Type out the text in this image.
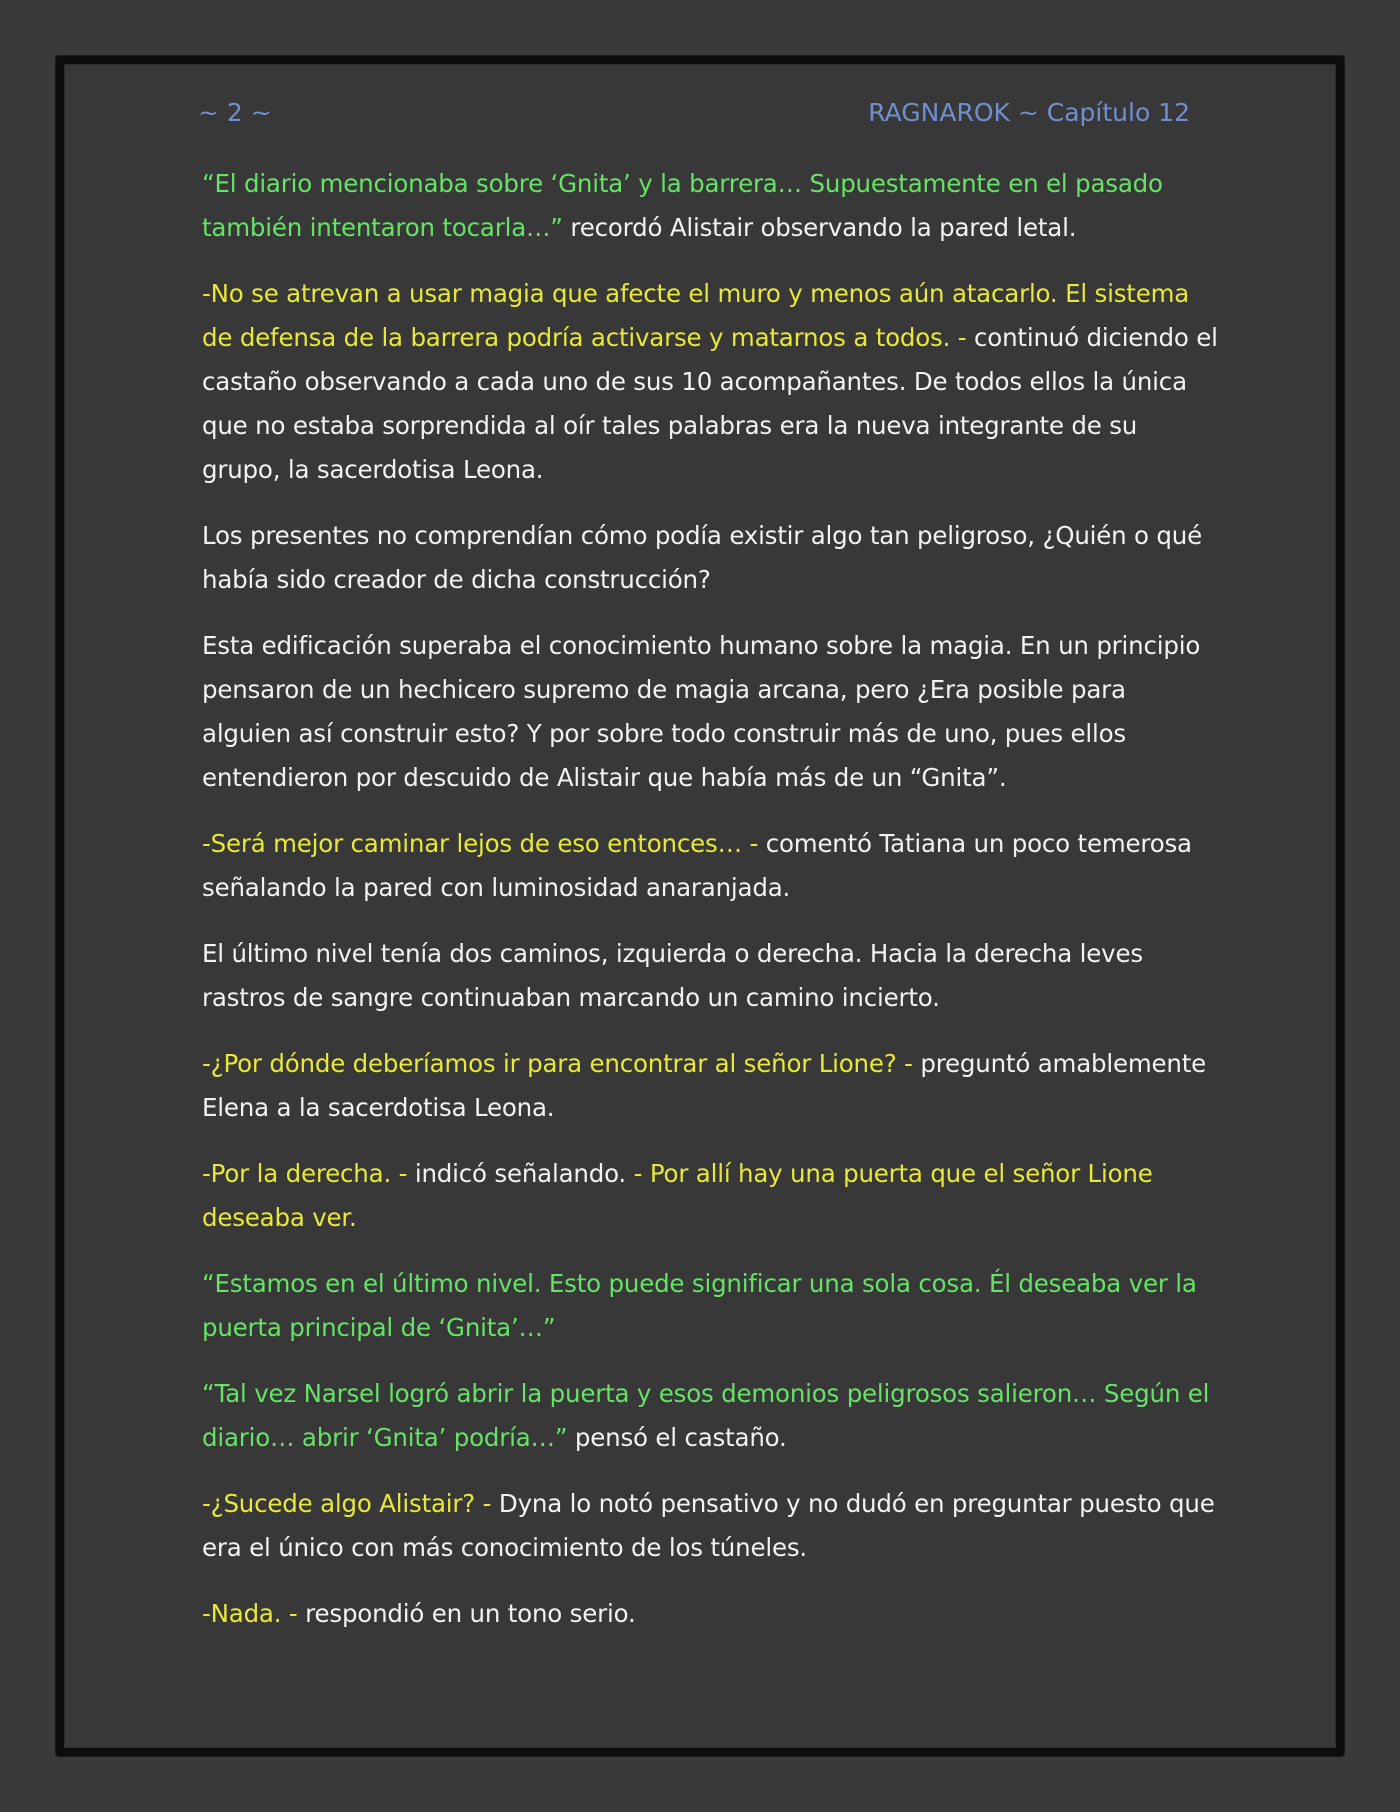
~ 2 ~	RAGNAROK ~ Capítulo 12

“El diario mencionaba sobre ‘Gnita’ y la barrera… Supuestamente en el pasado también intentaron tocarla…” recordó Alistair observando la pared letal.

-No se atrevan a usar magia que afecte el muro y menos aún atacarlo. El sistema de defensa de la barrera podría activarse y matarnos a todos. - continuó diciendo el castaño observando a cada uno de sus 10 acompañantes. De todos ellos la única que no estaba sorprendida al oír tales palabras era la nueva integrante de su grupo, la sacerdotisa Leona.

Los presentes no comprendían cómo podía existir algo tan peligroso, ¿Quién o qué había sido creador de dicha construcción?

Esta edificación superaba el conocimiento humano sobre la magia. En un principio pensaron de un hechicero supremo de magia arcana, pero ¿Era posible para alguien así construir esto? Y por sobre todo construir más de uno, pues ellos entendieron por descuido de Alistair que había más de un “Gnita”.

-Será mejor caminar lejos de eso entonces… - comentó Tatiana un poco temerosa señalando la pared con luminosidad anaranjada.

El último nivel tenía dos caminos, izquierda o derecha. Hacia la derecha leves rastros de sangre continuaban marcando un camino incierto.

-¿Por dónde deberíamos ir para encontrar al señor Lione? - preguntó amablemente Elena a la sacerdotisa Leona.

-Por la derecha. - indicó señalando. - Por allí hay una puerta que el señor Lione deseaba ver.

“Estamos en el último nivel. Esto puede significar una sola cosa. Él deseaba ver la puerta principal de ‘Gnita’…”

“Tal vez Narsel logró abrir la puerta y esos demonios peligrosos salieron… Según el diario… abrir ‘Gnita’ podría…” pensó el castaño.

-¿Sucede algo Alistair? - Dyna lo notó pensativo y no dudó en preguntar puesto que era el único con más conocimiento de los túneles.

-Nada. - respondió en un tono serio.
